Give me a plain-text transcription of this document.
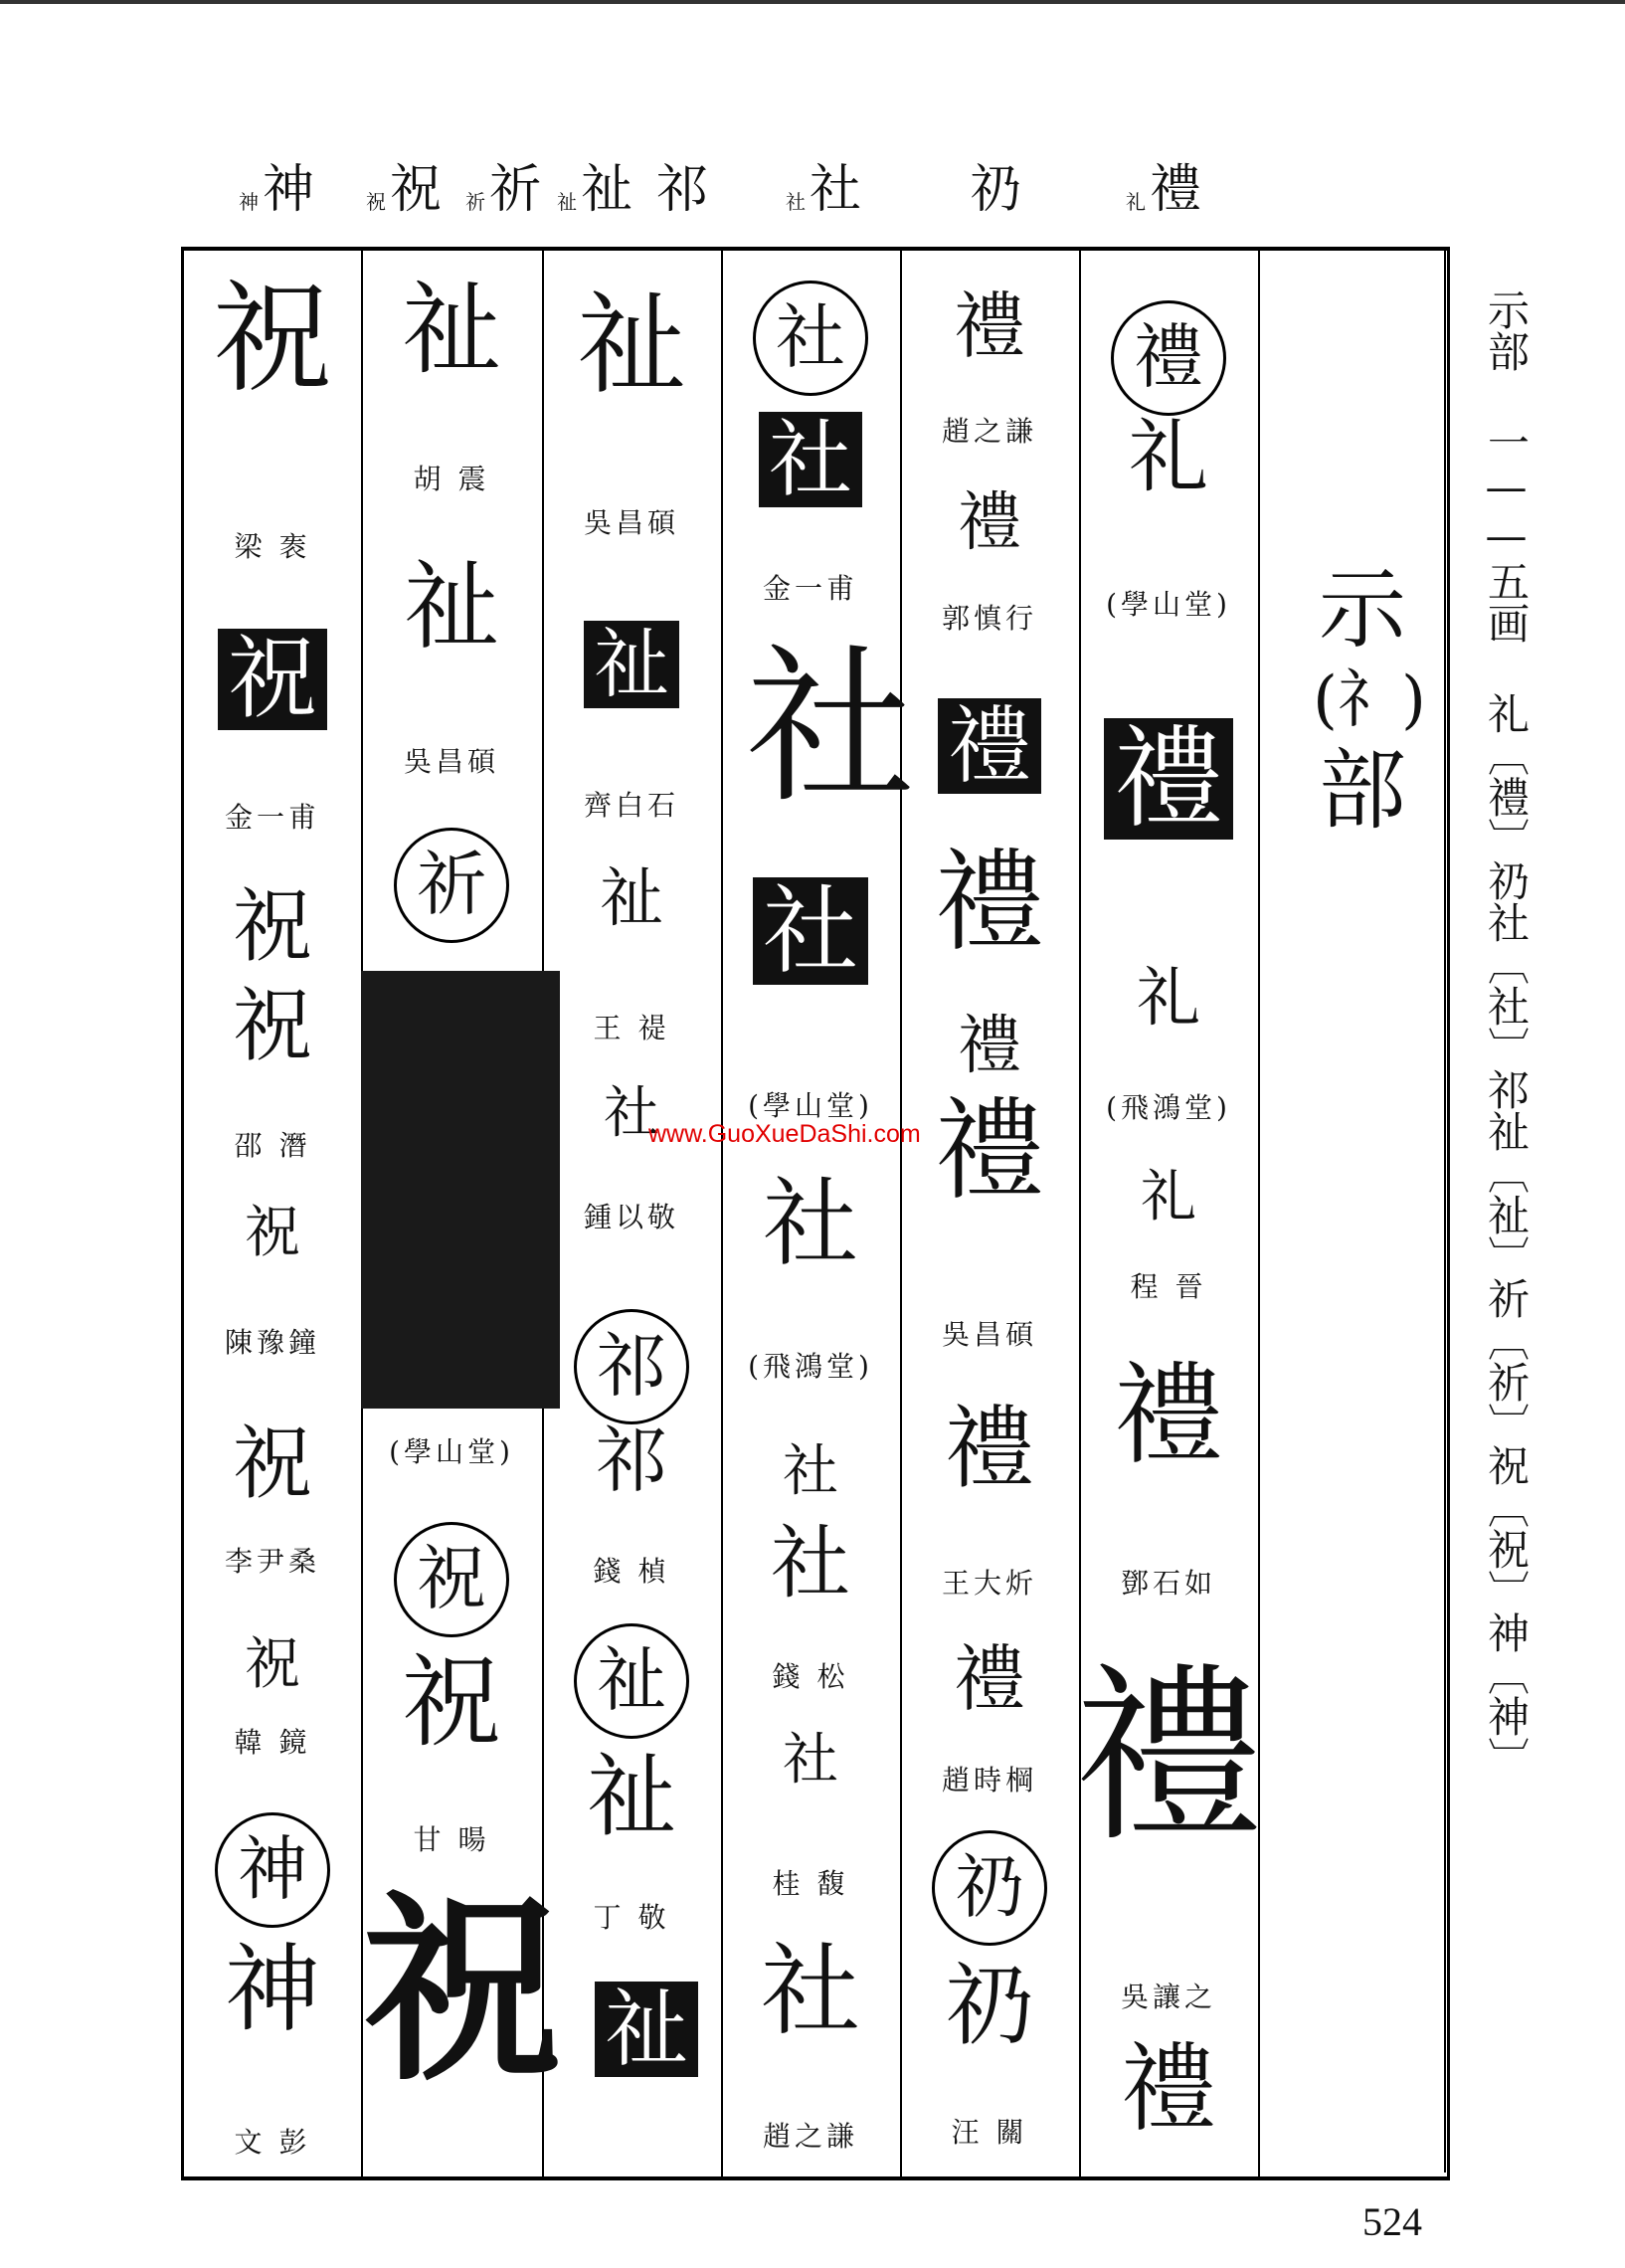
神 神	祝 祝 祈 祈 祉 祉 祁	社 社 礽	礼 禮
祝
梁 袠
祝
金一甫
祝
祝
邵 潛
祝
陳豫鐘
祝
李尹桑
祝
韓 鏡
神
神
文 彭
祉
胡 震
祉
吳昌碩
祈
(學山堂)
祝
祝
甘 暘
祝
祉
吳昌碩
祉
齊白石
祉
王 禔
社
鍾以敬
祁
祁
錢 楨
祉
祉
丁 敬
祉
社
社
金一甫
社
社
(學山堂)
社
(飛鴻堂)
社
社
錢 松
社
桂 馥
社
趙之謙
禮
趙之謙
禮
郭慎行
禮
禮
禮
禮
吳昌碩
禮
王大炘
禮
趙時棡
礽
礽
汪 關
禮
礼
(學山堂)
禮
礼
(飛鴻堂)
礼
程 晉
禮
鄧石如
禮
吳讓之
禮
示
(礻)
部 示部 一——五画 礼〔禮〕礽社〔社〕祁祉〔祉〕祈〔祈〕祝〔祝〕神〔神〕
www.GuoXueDaShi.com
524
